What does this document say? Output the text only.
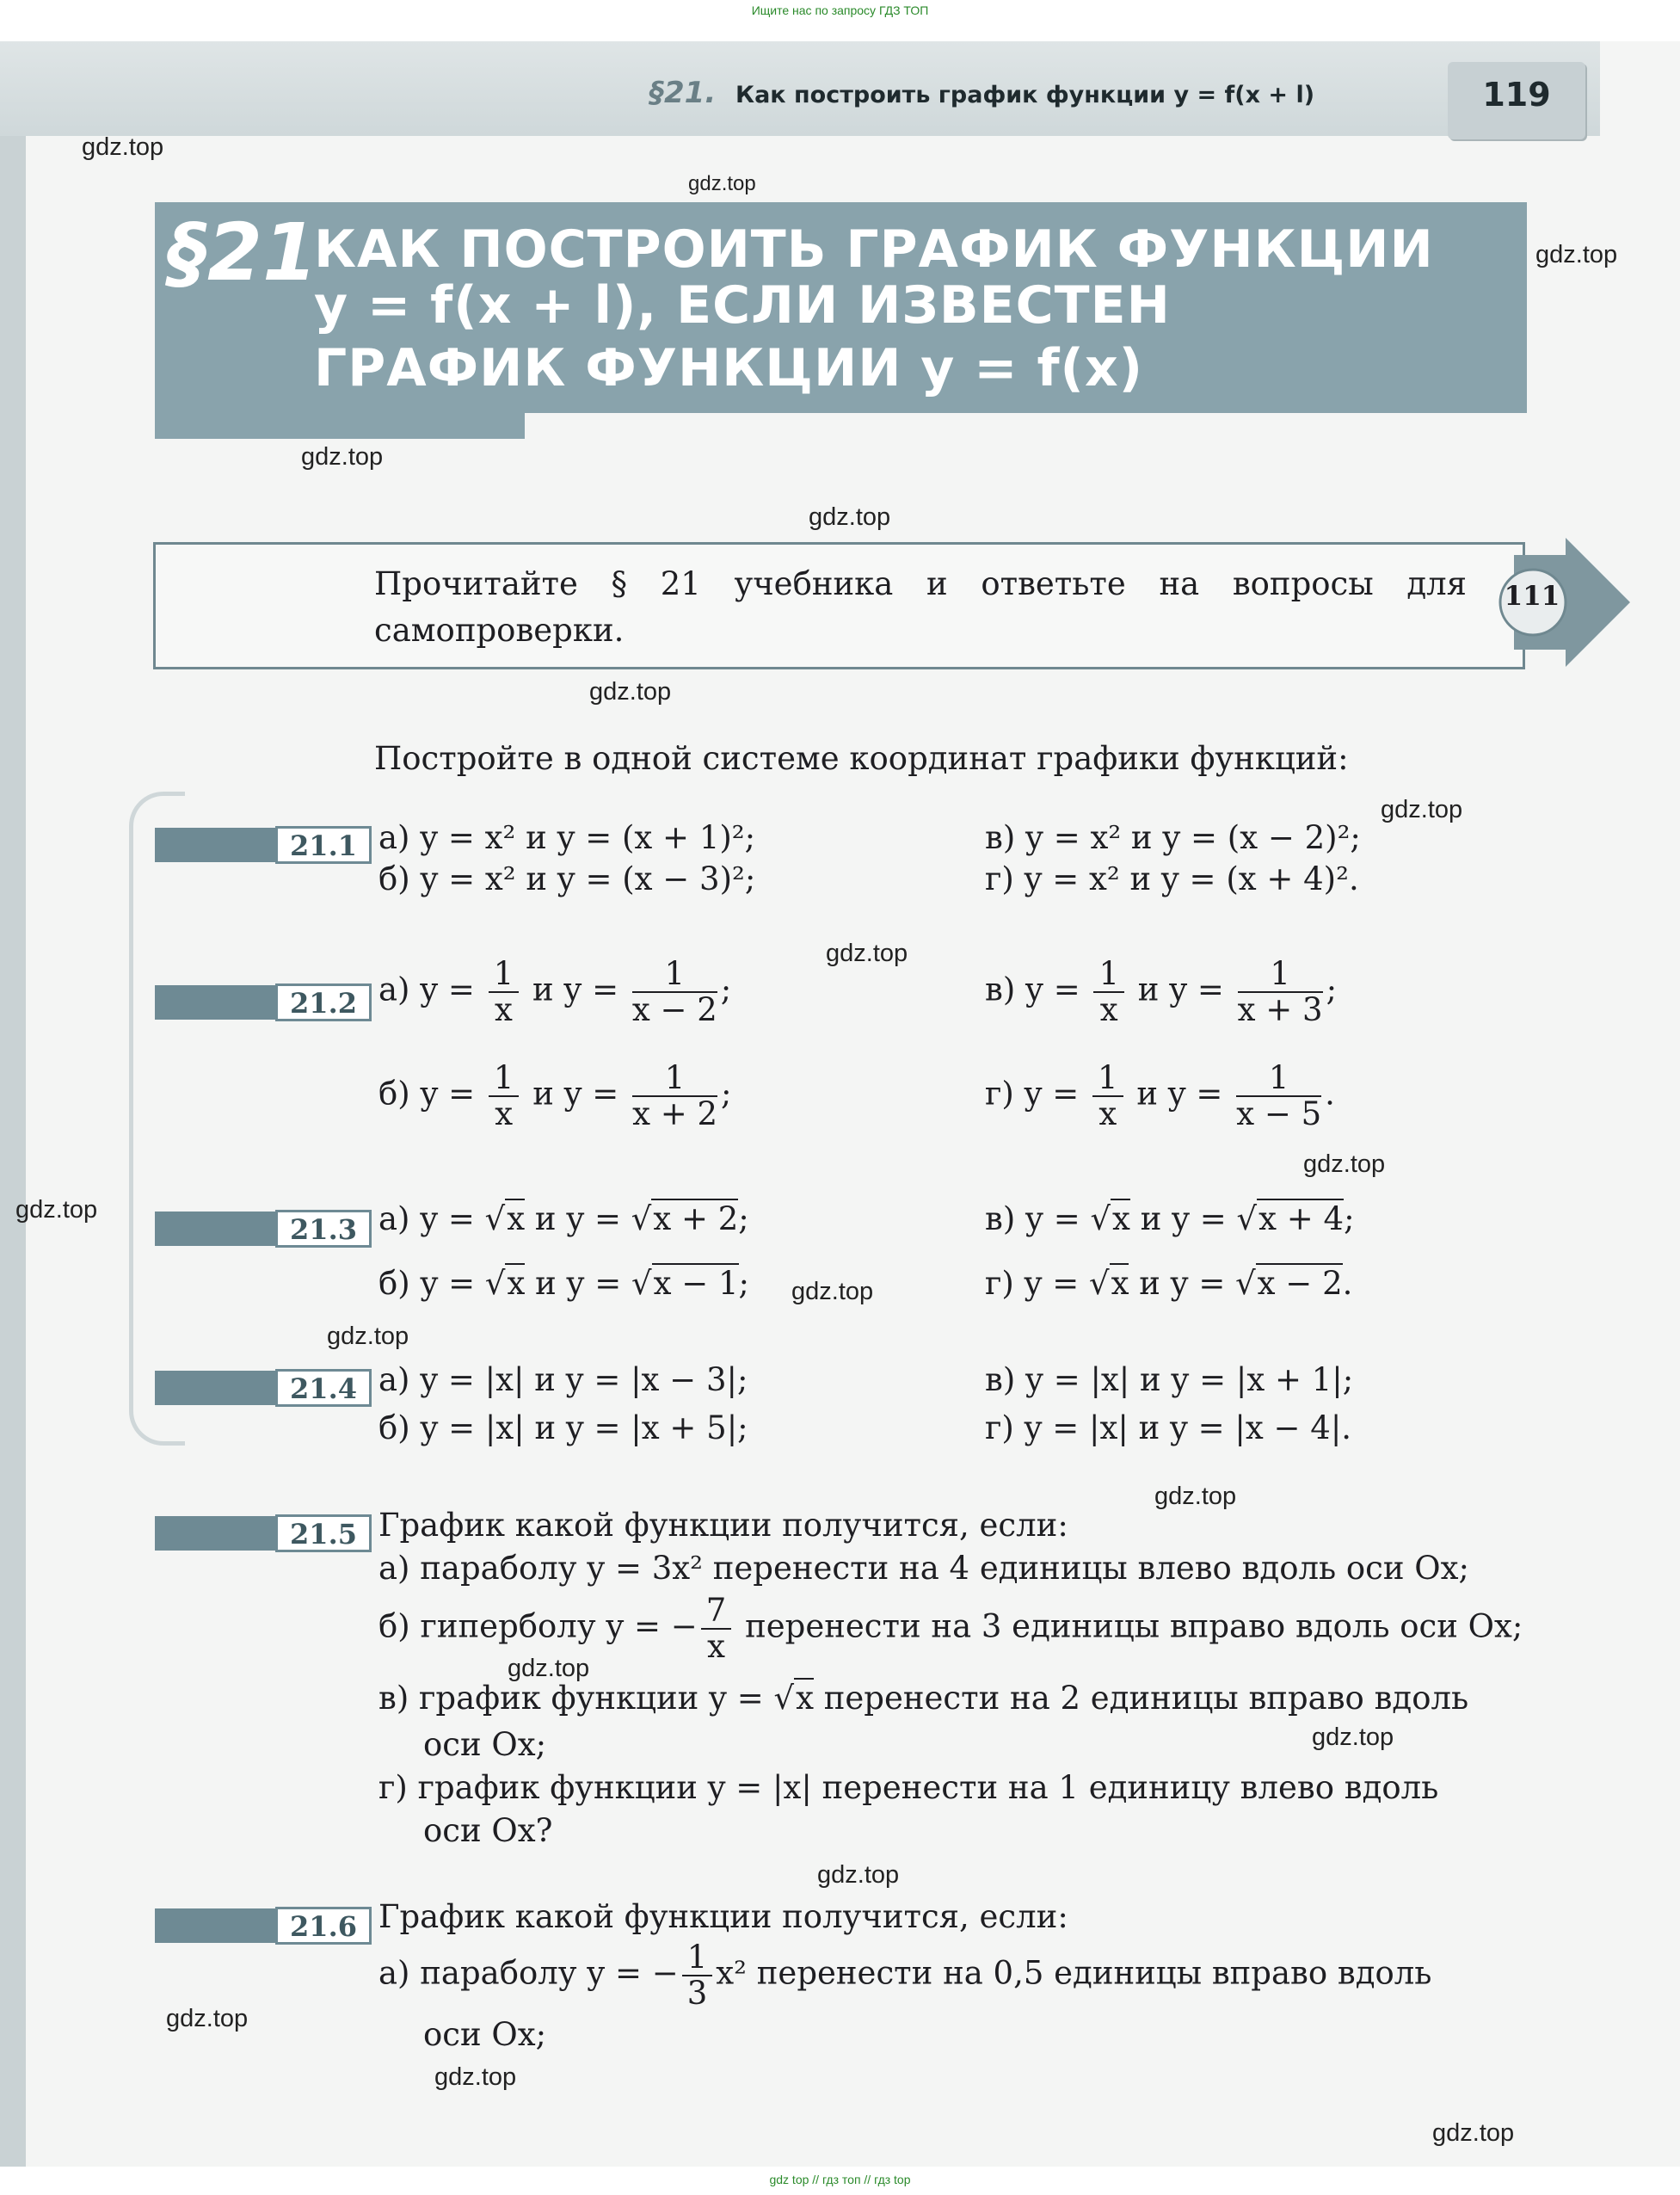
Ищите нас по запросу ГДЗ ТОП
§21. Как построить график функции y = f(x + l)	119
§21
КАК ПОСТРОИТЬ ГРАФИК ФУНКЦИИ
y = f(x + l), ЕСЛИ ИЗВЕСТЕН
ГРАФИК ФУНКЦИИ y = f(x)
Прочитайте § 21 учебника и ответьте на вопросы для самопроверки.
111
Постройте в одной системе координат графики функций:
21.1 а) y = x² и y = (x + 1)²;
б) y = x² и y = (x − 3)²;
в) y = x² и y = (x − 2)²;
г) y = x² и y = (x + 4)².
21.2 а) $y = \frac{1}{x}$ и $y = \frac{1}{x - 2}$ ;
б) $y = \frac{1}{x}$ и $y = \frac{1}{x + 2}$ ;
в) $y = \frac{1}{x}$ и $y = \frac{1}{x + 3}$ ;
г) $y = \frac{1}{x}$ и $y = \frac{1}{x - 5}$ .
21.3 а) y = √x и y = √x + 2;
б) y = √x и y = √x − 1;
в) y = √x и y = √x + 4;
г) y = √x и y = √x − 2.
21.4 а) y = |x| и y = |x − 3|;
б) y = |x| и y = |x + 5|;
в) y = |x| и y = |x + 1|;
г) y = |x| и y = |x − 4|.
21.5 График какой функции получится, если:
а) параболу y = 3x² перенести на 4 единицы влево вдоль оси Ox;
б) гиперболу y = − $\frac{7}{x}$ перенести на 3 единицы вправо вдоль оси Ox;
в) график функции y = √x перенести на 2 единицы вправо вдоль
оси Ox;
г) график функции y = |x| перенести на 1 единицу влево вдоль
оси Ox?
21.6 График какой функции получится, если:
а) параболу y = − $\frac{1}{3} x^2$ перенести на 0,5 единицы вправо вдоль
оси Ox;
gdz.top
gdz.top
gdz.top
gdz.top
gdz.top
gdz.top
gdz.top
gdz.top
gdz.top
gdz.top
gdz.top
gdz.top
gdz.top
gdz.top
gdz.top
gdz.top
gdz.top
gdz.top
gdz.top
gdz top // гдз топ // гдз top
